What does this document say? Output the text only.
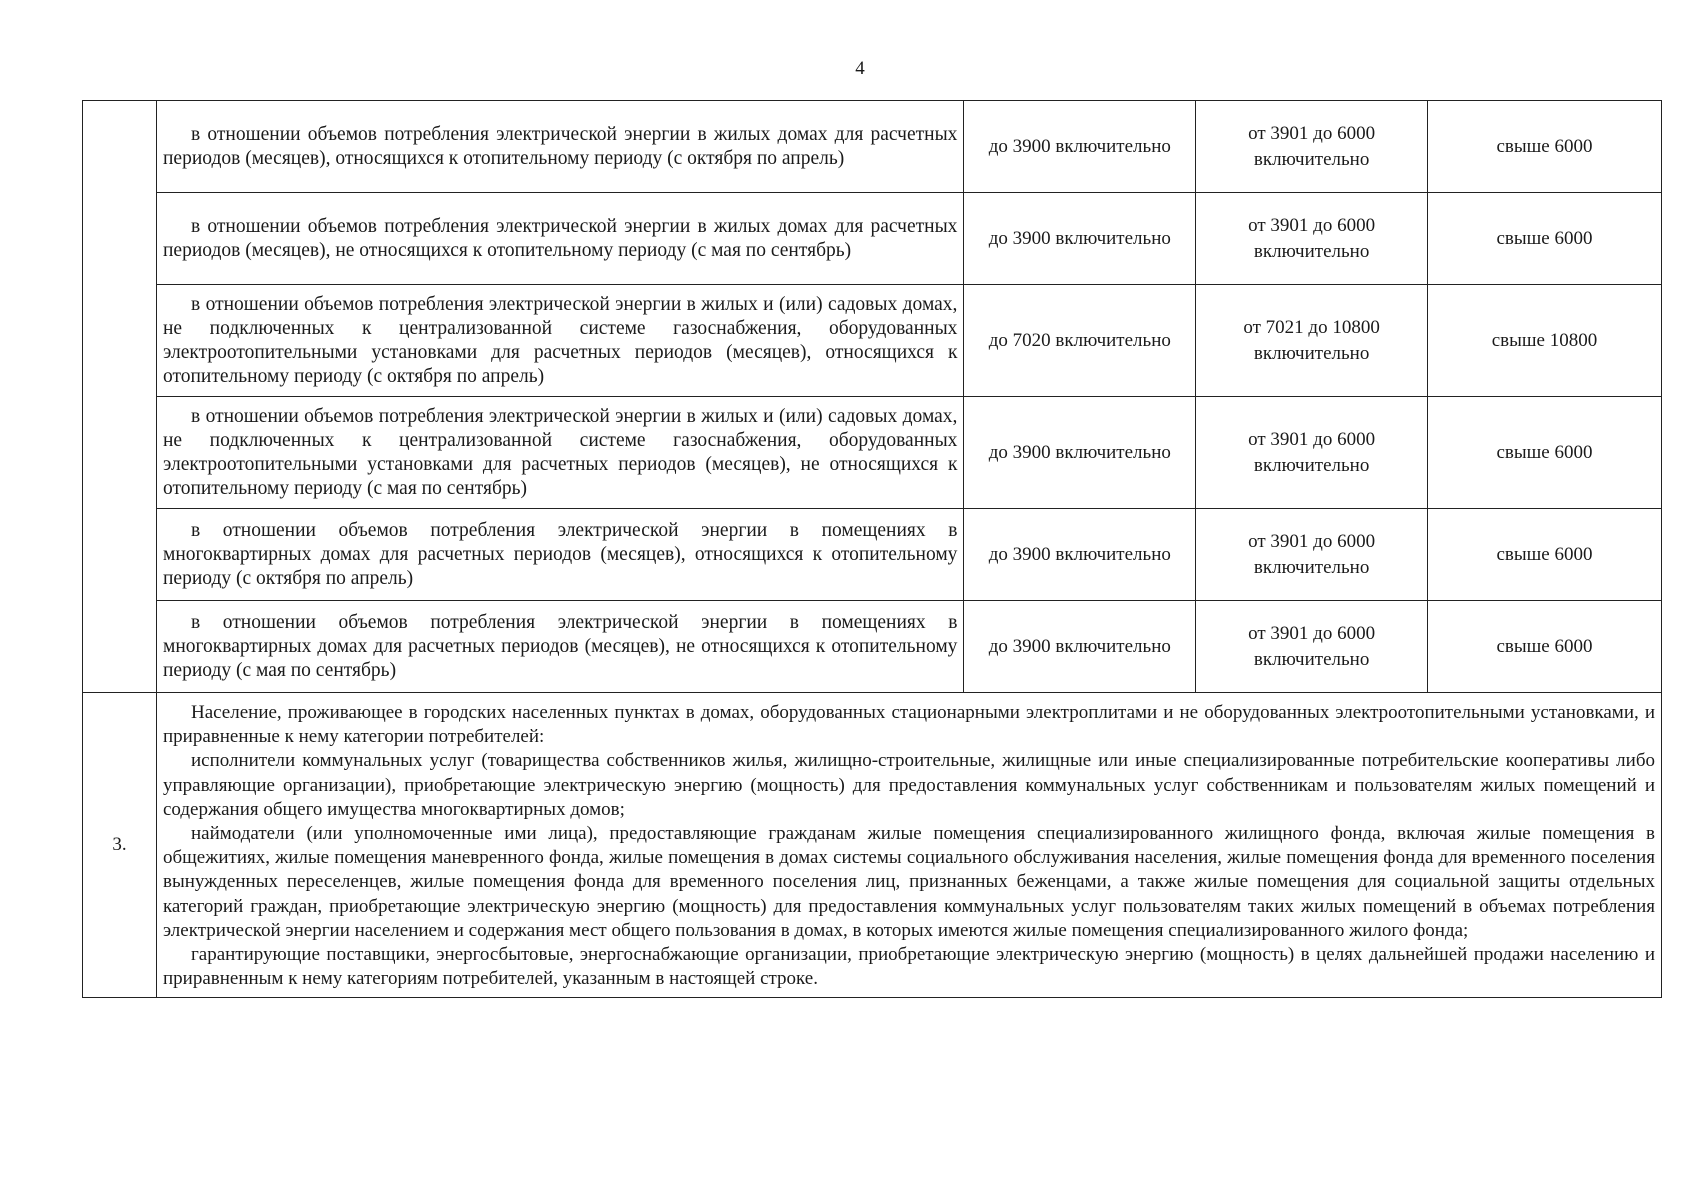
4

	в отношении объемов потребления электрической энергии в жилых домах для расчетных периодов (месяцев), относящихся к отопительному периоду (с октября по апрель)	до 3900 включительно	от 3901 до 6000 включительно	свыше 6000

	в отношении объемов потребления электрической энергии в жилых домах для расчетных периодов (месяцев), не относящихся к отопительному периоду (с мая по сентябрь)	до 3900 включительно	от 3901 до 6000 включительно	свыше 6000

	в отношении объемов потребления электрической энергии в жилых и (или) садовых домах, не подключенных к централизованной системе газоснабжения, оборудованных электроотопительными установками для расчетных периодов (месяцев), относящихся к отопительному периоду (с октября по апрель)	до 7020 включительно	от 7021 до 10800 включительно	свыше 10800

	в отношении объемов потребления электрической энергии в жилых и (или) садовых домах, не подключенных к централизованной системе газоснабжения, оборудованных электроотопительными установками для расчетных периодов (месяцев), не относящихся к отопительному периоду (с мая по сентябрь)	до 3900 включительно	от 3901 до 6000 включительно	свыше 6000

	в отношении объемов потребления электрической энергии в помещениях в многоквартирных домах для расчетных периодов (месяцев), относящихся к отопительному периоду (с октября по апрель)	до 3900 включительно	от 3901 до 6000 включительно	свыше 6000

	в отношении объемов потребления электрической энергии в помещениях в многоквартирных домах для расчетных периодов (месяцев), не относящихся к отопительному периоду (с мая по сентябрь)	до 3900 включительно	от 3901 до 6000 включительно	свыше 6000
3.	Население, проживающее в городских населенных пунктах в домах, оборудованных стационарными электроплитами и не оборудованных электроотопительными установками, и приравненные к нему категории потребителей:

исполнители коммунальных услуг (товарищества собственников жилья, жилищно-строительные, жилищные или иные специализированные потребительские кооперативы либо управляющие организации), приобретающие электрическую энергию (мощность) для предоставления коммунальных услуг собственникам и пользователям жилых помещений и содержания общего имущества многоквартирных домов;

наймодатели (или уполномоченные ими лица), предоставляющие гражданам жилые помещения специализированного жилищного фонда, включая жилые помещения в общежитиях, жилые помещения маневренного фонда, жилые помещения в домах системы социального обслуживания населения, жилые помещения фонда для временного поселения вынужденных переселенцев, жилые помещения фонда для временного поселения лиц, признанных беженцами, а также жилые помещения для социальной защиты отдельных категорий граждан, приобретающие электрическую энергию (мощность) для предоставления коммунальных услуг пользователям таких жилых помещений в объемах потребления электрической энергии населением и содержания мест общего пользования в домах, в которых имеются жилые помещения специализированного жилого фонда;

гарантирующие поставщики, энергосбытовые, энергоснабжающие организации, приобретающие электрическую энергию (мощность) в целях дальнейшей продажи населению и приравненным к нему категориям потребителей, указанным в настоящей строке.			
